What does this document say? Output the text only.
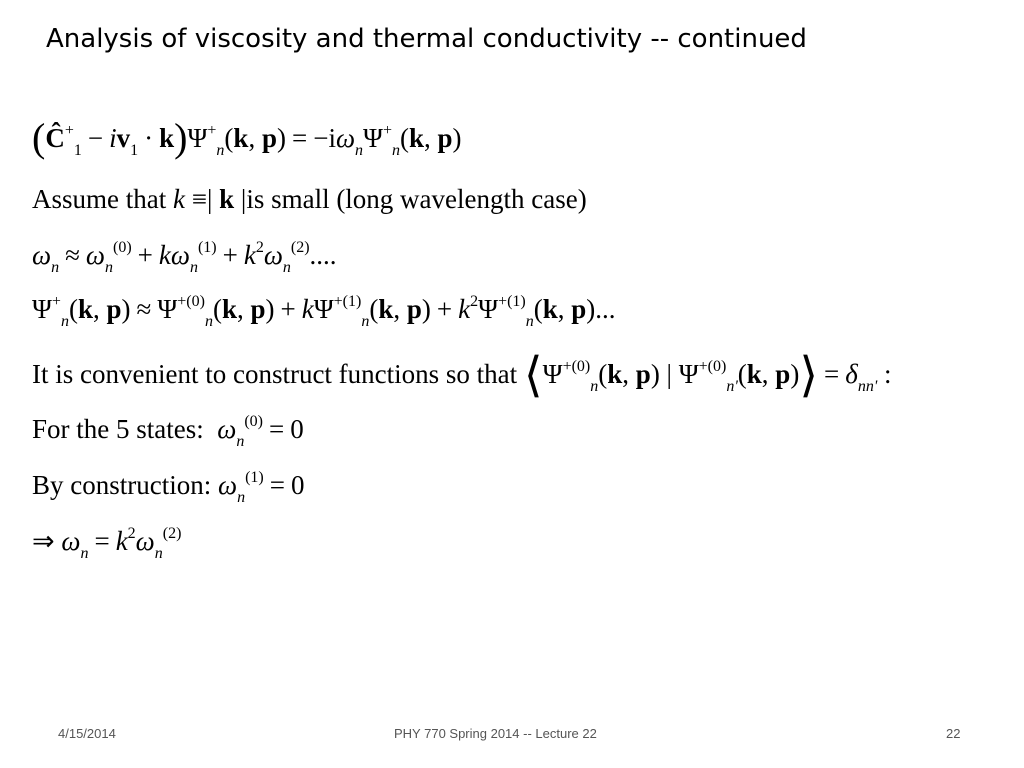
Analysis of viscosity and thermal conductivity -- continued
$(Ĉ^+_1 - iv_1 \cdot k)\Psi^+_n(k$, $p) = -i\omega_n\Psi^+_n(k$, p)
Assume that k ≡| k |is small (long wavelength case)
$\omega_n \approx \omega_n^{(0)} + k\omega_n^{(1)} + k^2\omega_n^{(2)}$....
$\Psi^+_n(k$, $p) \approx \Psi^{+(0)}_n(k$, $p) + k\Psi^{+(1)}_n(k$, $p) + k^2\Psi^{+(1)}_n(k$, p)...
It is convenient to construct functions so that $⟨\Psi^{+(0)}_n(k$, p) | $\Psi^{+(0)}_{n'}(k$, p)⟩ = $\delta_{nn'}$ :
For the 5 states: $\omega_n^{(0)} = 0$
By construction: $\omega_n^{(1)} = 0$
⇒ $\omega_n = k^2\omega_n^{(2)}$
4/15/2014	PHY 770 Spring 2014 -- Lecture 22	22
